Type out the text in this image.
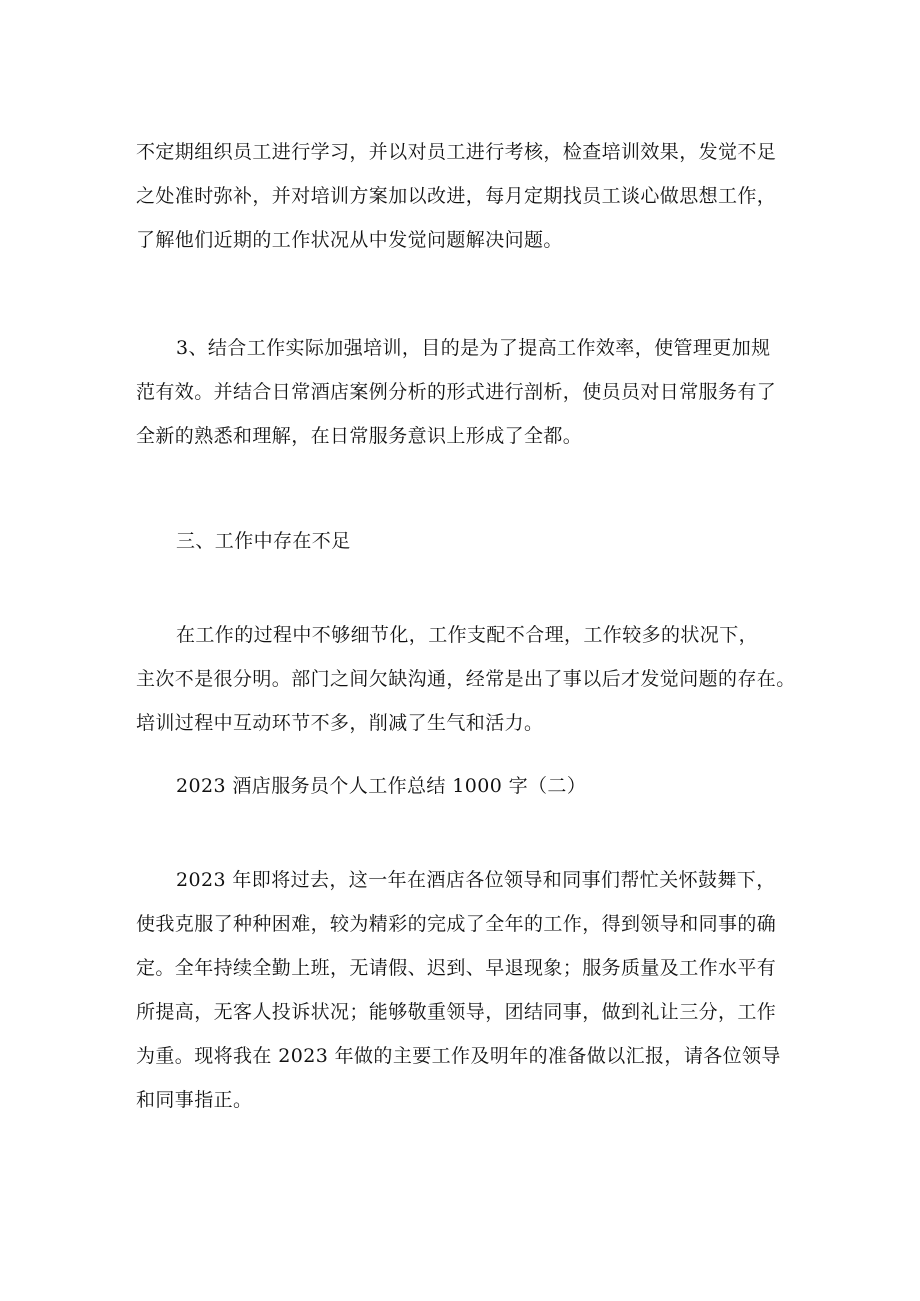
不定期组织员工进行学习，并以对员工进行考核，检查培训效果，发觉不足
之处准时弥补，并对培训方案加以改进，每月定期找员工谈心做思想工作，
了解他们近期的工作状况从中发觉问题解决问题。
3、结合工作实际加强培训，目的是为了提高工作效率，使管理更加规
范有效。并结合日常酒店案例分析的形式进行剖析，使员员对日常服务有了
全新的熟悉和理解，在日常服务意识上形成了全都。
三、工作中存在不足
在工作的过程中不够细节化，工作支配不合理，工作较多的状况下，
主次不是很分明。部门之间欠缺沟通，经常是出了事以后才发觉问题的存在。
培训过程中互动环节不多，削减了生气和活力。
2023 酒店服务员个人工作总结 1000 字（二）
2023 年即将过去，这一年在酒店各位领导和同事们帮忙关怀鼓舞下，
使我克服了种种困难，较为精彩的完成了全年的工作，得到领导和同事的确
定。全年持续全勤上班，无请假、迟到、早退现象；服务质量及工作水平有
所提高，无客人投诉状况；能够敬重领导，团结同事，做到礼让三分，工作
为重。现将我在 2023 年做的主要工作及明年的准备做以汇报，请各位领导
和同事指正。
